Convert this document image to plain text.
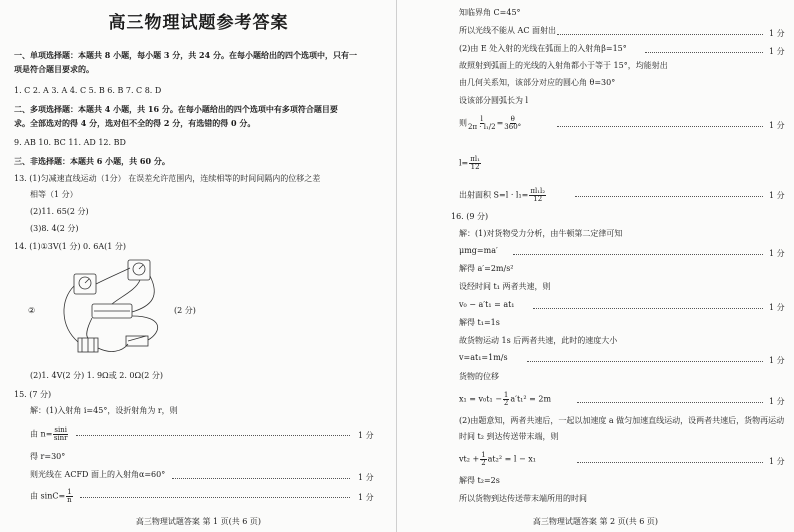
高三物理试题参考答案
一、单项选择题：本题共 8 小题，每小题 3 分，共 24 分。在每小题给出的四个选项中，只有一
项是符合题目要求的。
1. C 2. A 3. A 4. C 5. B 6. B 7. C 8. D
二、多项选择题：本题共 4 小题，共 16 分。在每小题给出的四个选项中有多项符合题目要
求。全部选对的得 4 分，选对但不全的得 2 分，有选错的得 0 分。
9. AB 10. BC 11. AD 12. BD
三、非选择题：本题共 6 小题，共 60 分。
13. (1)匀减速直线运动（1分） 在误差允许范围内，连续相等的时间间隔内的位移之差
相等（1 分）
(2)11. 65(2 分)
(3)8. 4(2 分)
14. (1)①3V(1 分) 0. 6A(1 分)
②	(2 分)
(2)1. 4V(2 分) 1. 9Ω或 2. 0Ω(2 分)
15. (7 分)
解：(1)入射角 i=45°，设折射角为 r，则
由 $n= \frac{\sin i}{\sin r}$	1 分
得 r=30°
则光线在 ACFD 面上的入射角α=60°	1 分
由 $\sin C= \frac{1}{n}$	1 分
高三物理试题答案 第 1 页(共 6 页)
知临界角 C=45°
所以光线不能从 AC 面射出	1 分
(2)由 E 处入射的光线在弧面上的入射角β=15°	1 分
故照射到弧面上的光线的入射角都小于等于 15°，均能射出
由几何关系知，该部分对应的圆心角 θ=30°
设该部分圆弧长为 l
则 $\frac{l}{\text{2π · l₁/2}} = \frac{\theta}{360^\circ}$	1 分
$l= \frac{\text{πl₁}}{12}$
出射面积 $S=l \cdot l_1= \frac{\text{πl₁l₂}}{12}$	1 分
16. (9 分)
解：(1)对货物受力分析，由牛顿第二定律可知
μmg=ma′	1 分
解得 a′=2m/s²
设经时间 t₁ 两者共速，则
v₀ − a′t₁ = at₁	1 分
解得 t₁=1s
故货物运动 1s 后两者共速，此时的速度大小
v=at₁=1m/s	1 分
货物的位移
$x_1 = v_0t_1 - \frac{1}{2} a't_1^2 = 2m$	1 分
(2)由题意知，两者共速后，一起以加速度 a 做匀加速直线运动，设两者共速后，货物再运动
时间 t₂ 到达传送带末端，则
$vt_2 + \frac{1}{2} at_2^2 = l - x_1$	1 分
解得 t₂=2s
所以货物到达传送带末端所用的时间
高三物理试题答案 第 2 页(共 6 页)
